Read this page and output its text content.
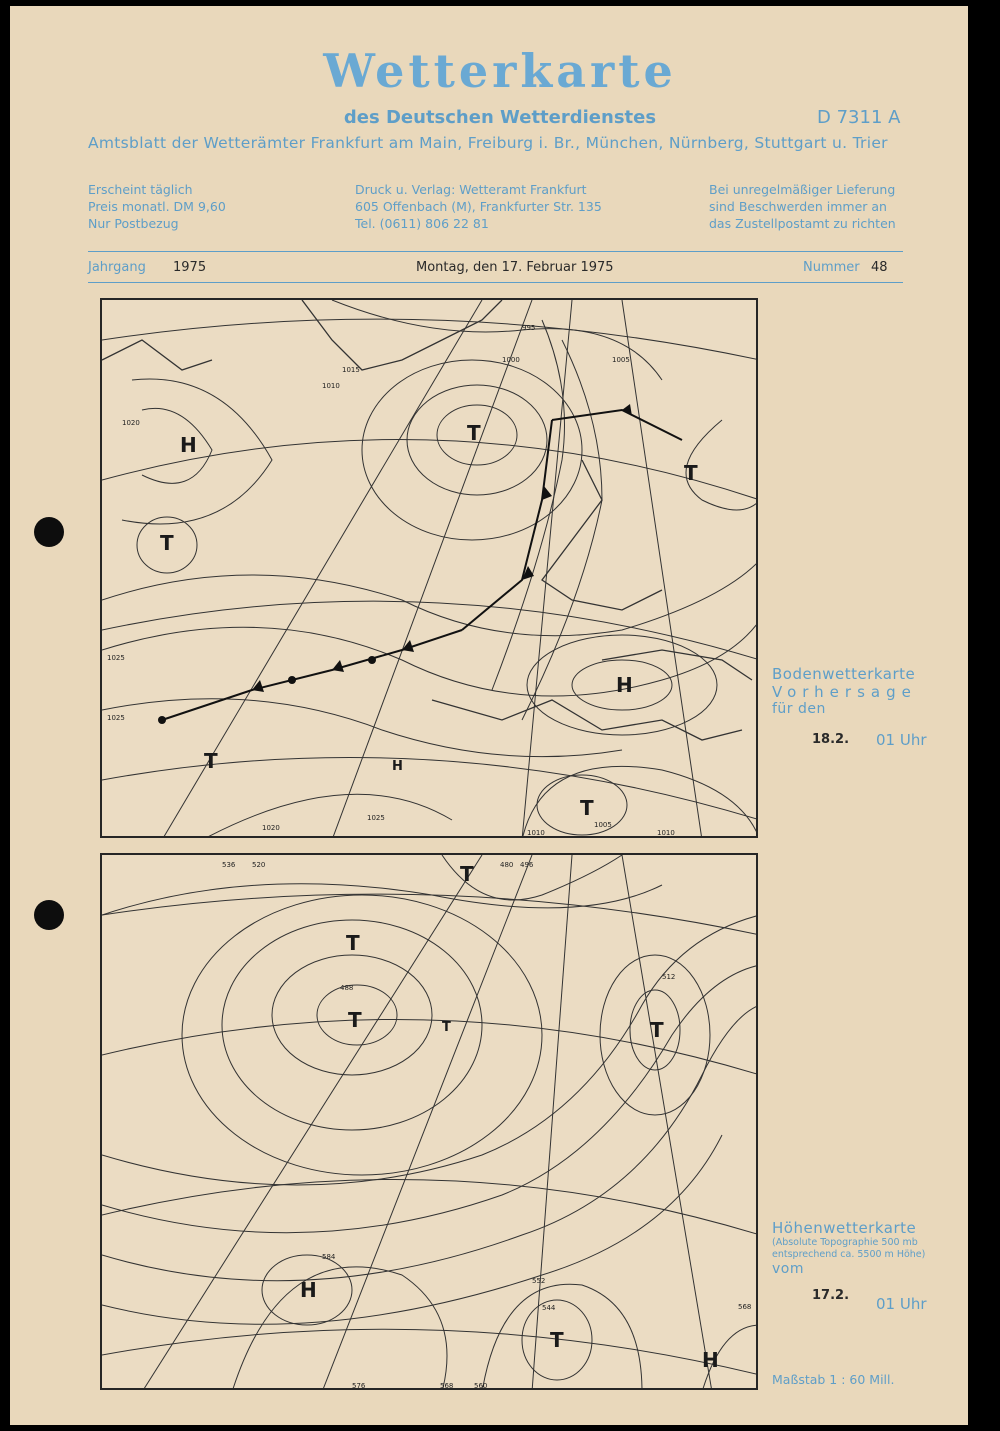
Wetterkarte
des Deutschen Wetterdienstes	D 7311 A
Amtsblatt der Wetterämter Frankfurt am Main, Freiburg i. Br., München, Nürnberg, Stuttgart u. Trier
Erscheint täglich
Preis monatl. DM 9,60
Nur Postbezug
Druck u. Verlag: Wetteramt Frankfurt
605 Offenbach (M), Frankfurter Str. 135
Tel. (0611) 806 22 81
Bei unregelmäßiger Lieferung
sind Beschwerden immer an
das Zustellpostamt zu richten
Jahrgang 1975	Montag, den 17. Februar 1975	Nummer 48
H	T
T
T
H
T
T
H
995
1000	1005
1010
1015
1020
1025
1010	1010
1005
1020
1025
1025
Bodenwetterkarte
Vorhersage
für den
18.2. 01 Uhr
T
T
T	T	T
H
T
H
488
480 496
512
520
536
552
560
568
576
584
544	568
Höhenwetterkarte
(Absolute Topographie 500 mb
entsprechend ca. 5500 m Höhe)
vom
17.2. 01 Uhr
Maßstab 1 : 60 Mill.
